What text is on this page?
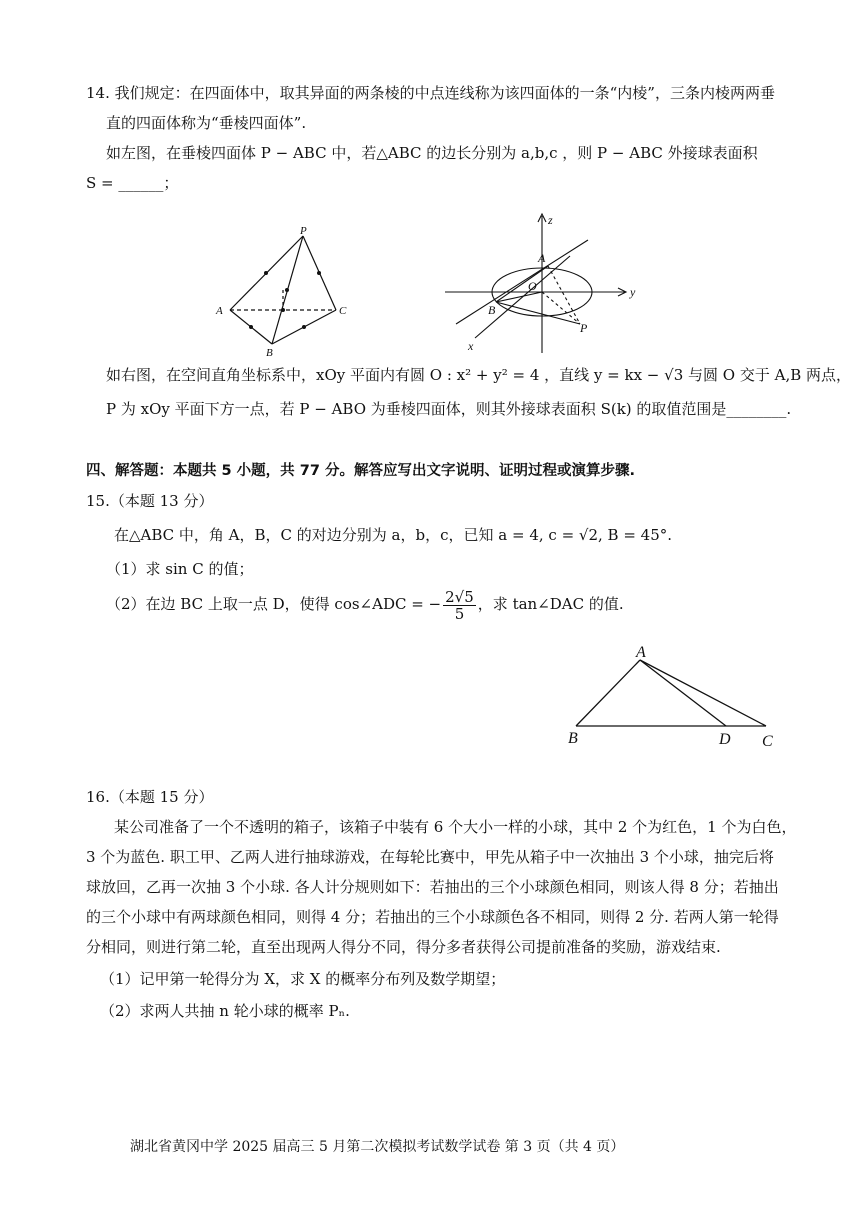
14. 我们规定：在四面体中，取其异面的两条棱的中点连线称为该四面体的一条“内棱”，三条内棱两两垂
直的四面体称为“垂棱四面体”.
如左图，在垂棱四面体 P − ABC 中，若△ABC 的边长分别为 a,b,c ，则 P − ABC 外接球表面积
S = ______；
P
A
B
C
z
y
x
A
O
B
P
如右图，在空间直角坐标系中，xOy 平面内有圆 O : x² + y² = 4 ，直线 y = kx − √3 与圆 O 交于 A,B 两点，
P 为 xOy 平面下方一点，若 P − ABO 为垂棱四面体，则其外接球表面积 S(k) 的取值范围是________.
四、解答题：本题共 5 小题，共 77 分。解答应写出文字说明、证明过程或演算步骤.
15.（本题 13 分）
在△ABC 中，角 A，B，C 的对边分别为 a，b，c，已知 a = 4, c = √2, B = 45°.
（1）求 sin C 的值；
（2）在边 BC 上取一点 D，使得 cos∠ADC = − $\frac{2√5}{5}$ ，求 tan∠DAC 的值.
A
B	D C
16.（本题 15 分）
某公司准备了一个不透明的箱子，该箱子中装有 6 个大小一样的小球，其中 2 个为红色，1 个为白色，
3 个为蓝色. 职工甲、乙两人进行抽球游戏，在每轮比赛中，甲先从箱子中一次抽出 3 个小球，抽完后将
球放回，乙再一次抽 3 个小球. 各人计分规则如下：若抽出的三个小球颜色相同，则该人得 8 分；若抽出
的三个小球中有两球颜色相同，则得 4 分；若抽出的三个小球颜色各不相同，则得 2 分. 若两人第一轮得
分相同，则进行第二轮，直至出现两人得分不同，得分多者获得公司提前准备的奖励，游戏结束.
（1）记甲第一轮得分为 X，求 X 的概率分布列及数学期望；
（2）求两人共抽 n 轮小球的概率 Pₙ.
湖北省黄冈中学 2025 届高三 5 月第二次模拟考试数学试卷 第 3 页（共 4 页）
